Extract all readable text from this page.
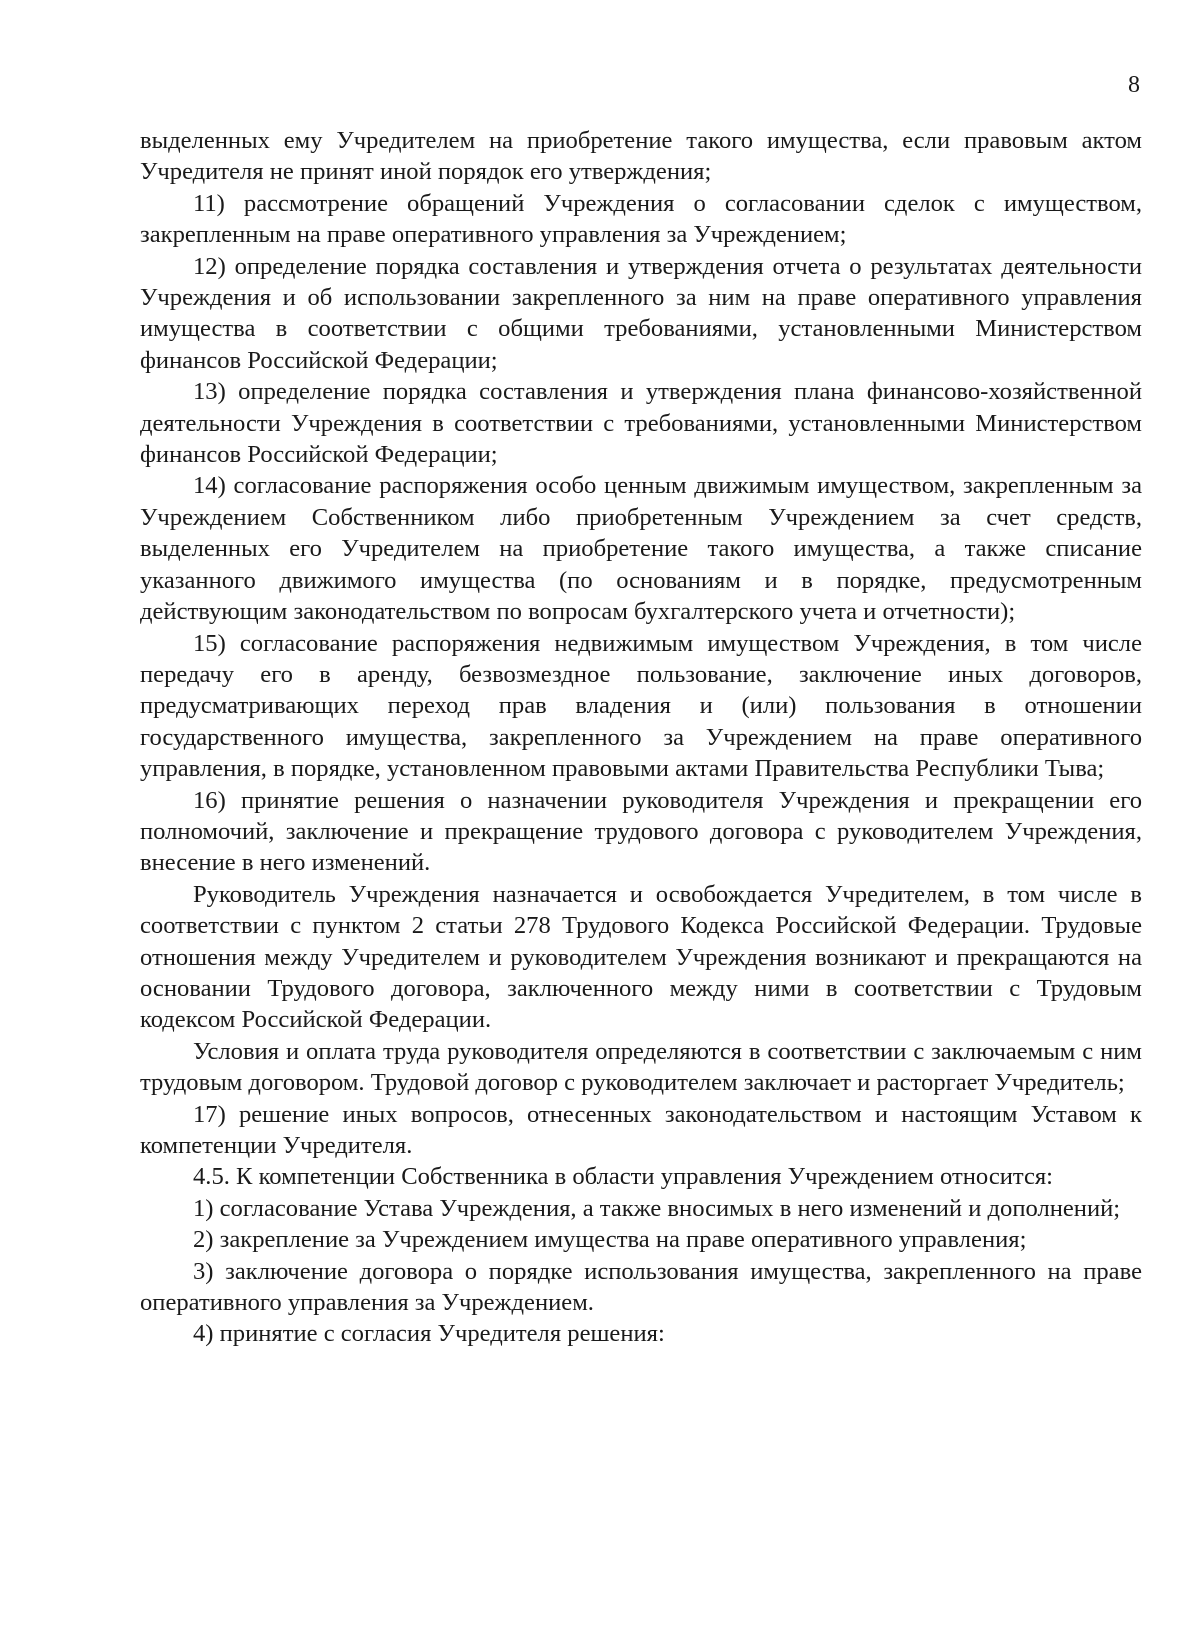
8

выделенных ему Учредителем на приобретение такого имущества, если правовым актом Учредителя не принят иной порядок его утверждения;

11) рассмотрение обращений Учреждения о согласовании сделок с имуществом, закрепленным на праве оперативного управления за Учреждением;

12) определение порядка составления и утверждения отчета о результатах деятельности Учреждения и об использовании закрепленного за ним на праве оперативного управления имущества в соответствии с общими требованиями, установленными Министерством финансов Российской Федерации;

13) определение порядка составления и утверждения плана финансово-хозяйственной деятельности Учреждения в соответствии с требованиями, установленными Министерством финансов Российской Федерации;

14) согласование распоряжения особо ценным движимым имуществом, закрепленным за Учреждением Собственником либо приобретенным Учреждением за счет средств, выделенных его Учредителем на приобретение такого имущества, а также списание указанного движимого имущества (по основаниям и в порядке, предусмотренным действующим законодательством по вопросам бухгалтерского учета и отчетности);

15) согласование распоряжения недвижимым имуществом Учреждения, в том числе передачу его в аренду, безвозмездное пользование, заключение иных договоров, предусматривающих переход прав владения и (или) пользования в отношении государственного имущества, закрепленного за Учреждением на праве оперативного управления, в порядке, установленном правовыми актами Правительства Республики Тыва;

16) принятие решения о назначении руководителя Учреждения и прекращении его полномочий, заключение и прекращение трудового договора с руководителем Учреждения, внесение в него изменений.

Руководитель Учреждения назначается и освобождается Учредителем, в том числе в соответствии с пунктом 2 статьи 278 Трудового Кодекса Российской Федерации. Трудовые отношения между Учредителем и руководителем Учреждения возникают и прекращаются на основании Трудового договора, заключенного между ними в соответствии с Трудовым кодексом Российской Федерации.

Условия и оплата труда руководителя определяются в соответствии с заключаемым с ним трудовым договором. Трудовой договор с руководителем заключает и расторгает Учредитель;

17) решение иных вопросов, отнесенных законодательством и настоящим Уставом к компетенции Учредителя.

4.5. К компетенции Собственника в области управления Учреждением относится:

1) согласование Устава Учреждения, а также вносимых в него изменений и дополнений;

2) закрепление за Учреждением имущества на праве оперативного управления;

3) заключение договора о порядке использования имущества, закрепленного на праве оперативного управления за Учреждением.

4) принятие с согласия Учредителя решения:
